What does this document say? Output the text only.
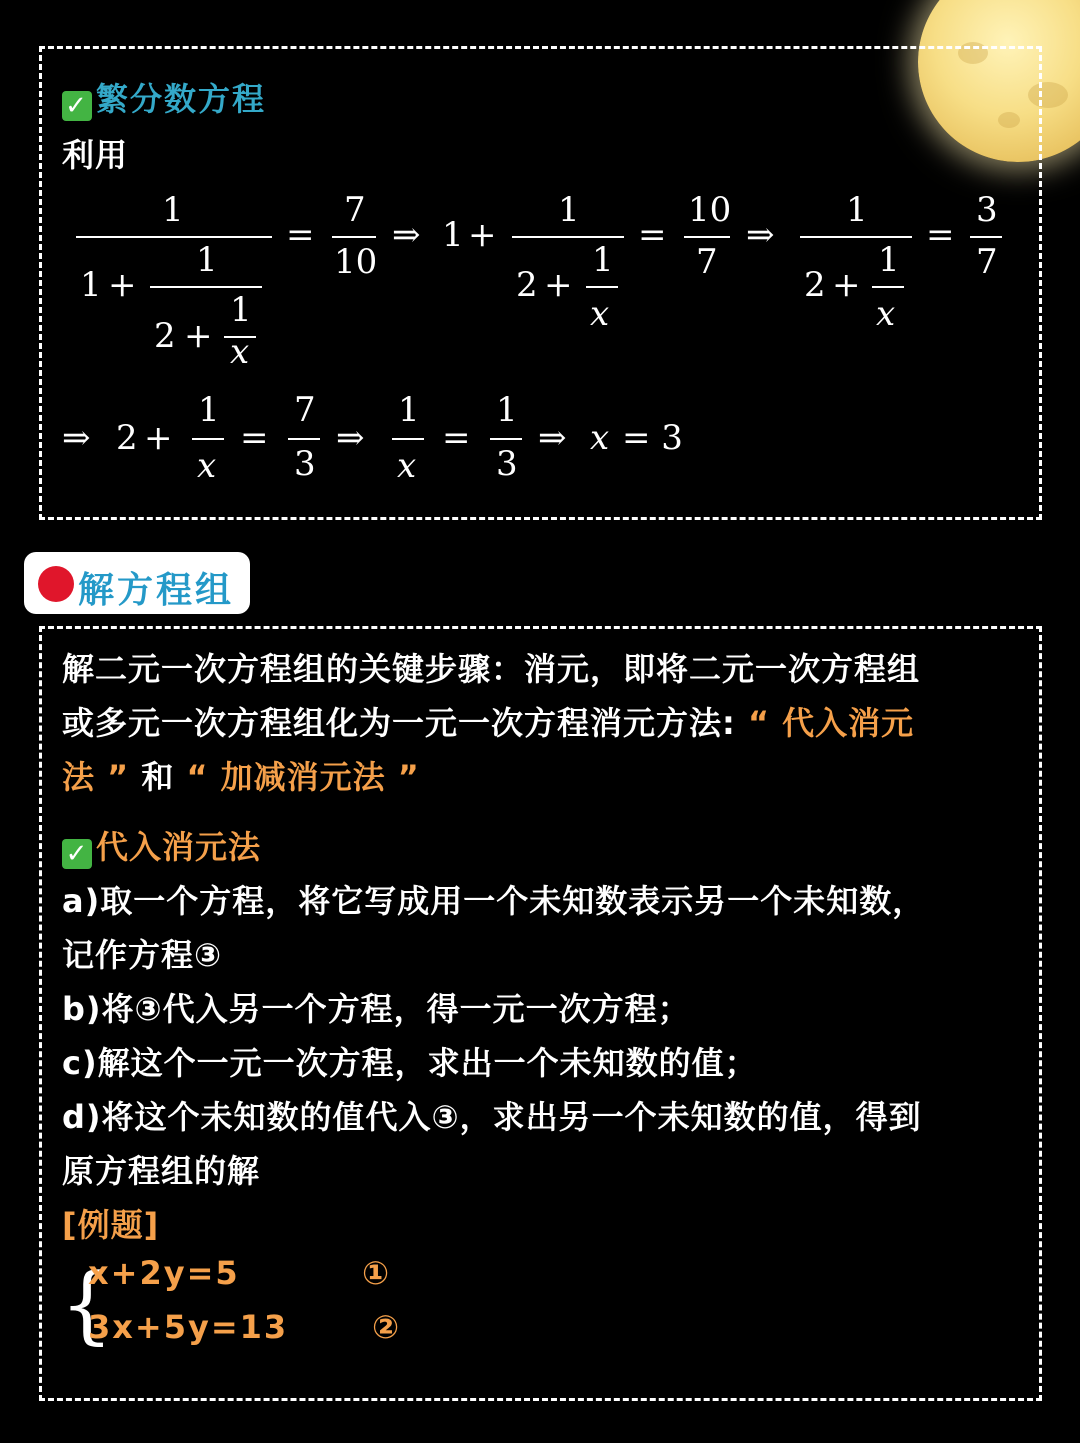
✓ 繁分数方程
利用
1
1 +
1
2 +
1
x
=
7
10
⇒ 1 +
1
2 +
1
x
=
10
7
⇒
1
2 +
1
x
=
3
7
⇒ 2 +
1
x
=
7
3
⇒
1
x
=
1
3
⇒ x = 3
解方程组
解二元一次方程组的关键步骤：消元，即将二元一次方程组
或多元一次方程组化为一元一次方程消元方法: “ 代入消元
法 ” 和 “ 加减消元法 ”
✓ 代入消元法
a)取一个方程，将它写成用一个未知数表示另一个未知数，
记作方程③
b)将③代入另一个方程，得一元一次方程；
c)解这个一元一次方程，求出一个未知数的值；
d)将这个未知数的值代入③，求出另一个未知数的值，得到
原方程组的解
[例题]
{
x+2y=5	①
3x+5y=13	②
